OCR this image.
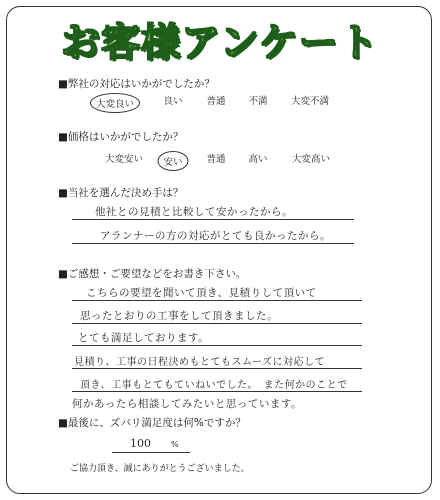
お客様アンケート
■弊社の対応はいかがでしたか？
大変良い	良い	普通 不満 大変不満
■価格はいかがでしたか？
大変安い	安い	普通 高い	大変高い
■当社を選んだ決め手は？
他社との見積と比較して安かったから。
アランナーの方の対応がとても良かったから。
■ご感想・ご要望などをお書き下さい。
こちらの要望を聞いて頂き、見積りして頂いて
思ったとおりの工事をして頂きました。
とても満足しております。
見積り、工事の日程決めもとてもスムーズに対応して
頂き、工事もとてもていねいでした。　また何かのことで
何かあったら相談してみたいと思っています。
■最後に、ズバリ満足度は何%ですか？
100	%
ご協力頂き、誠にありがとうございました。
